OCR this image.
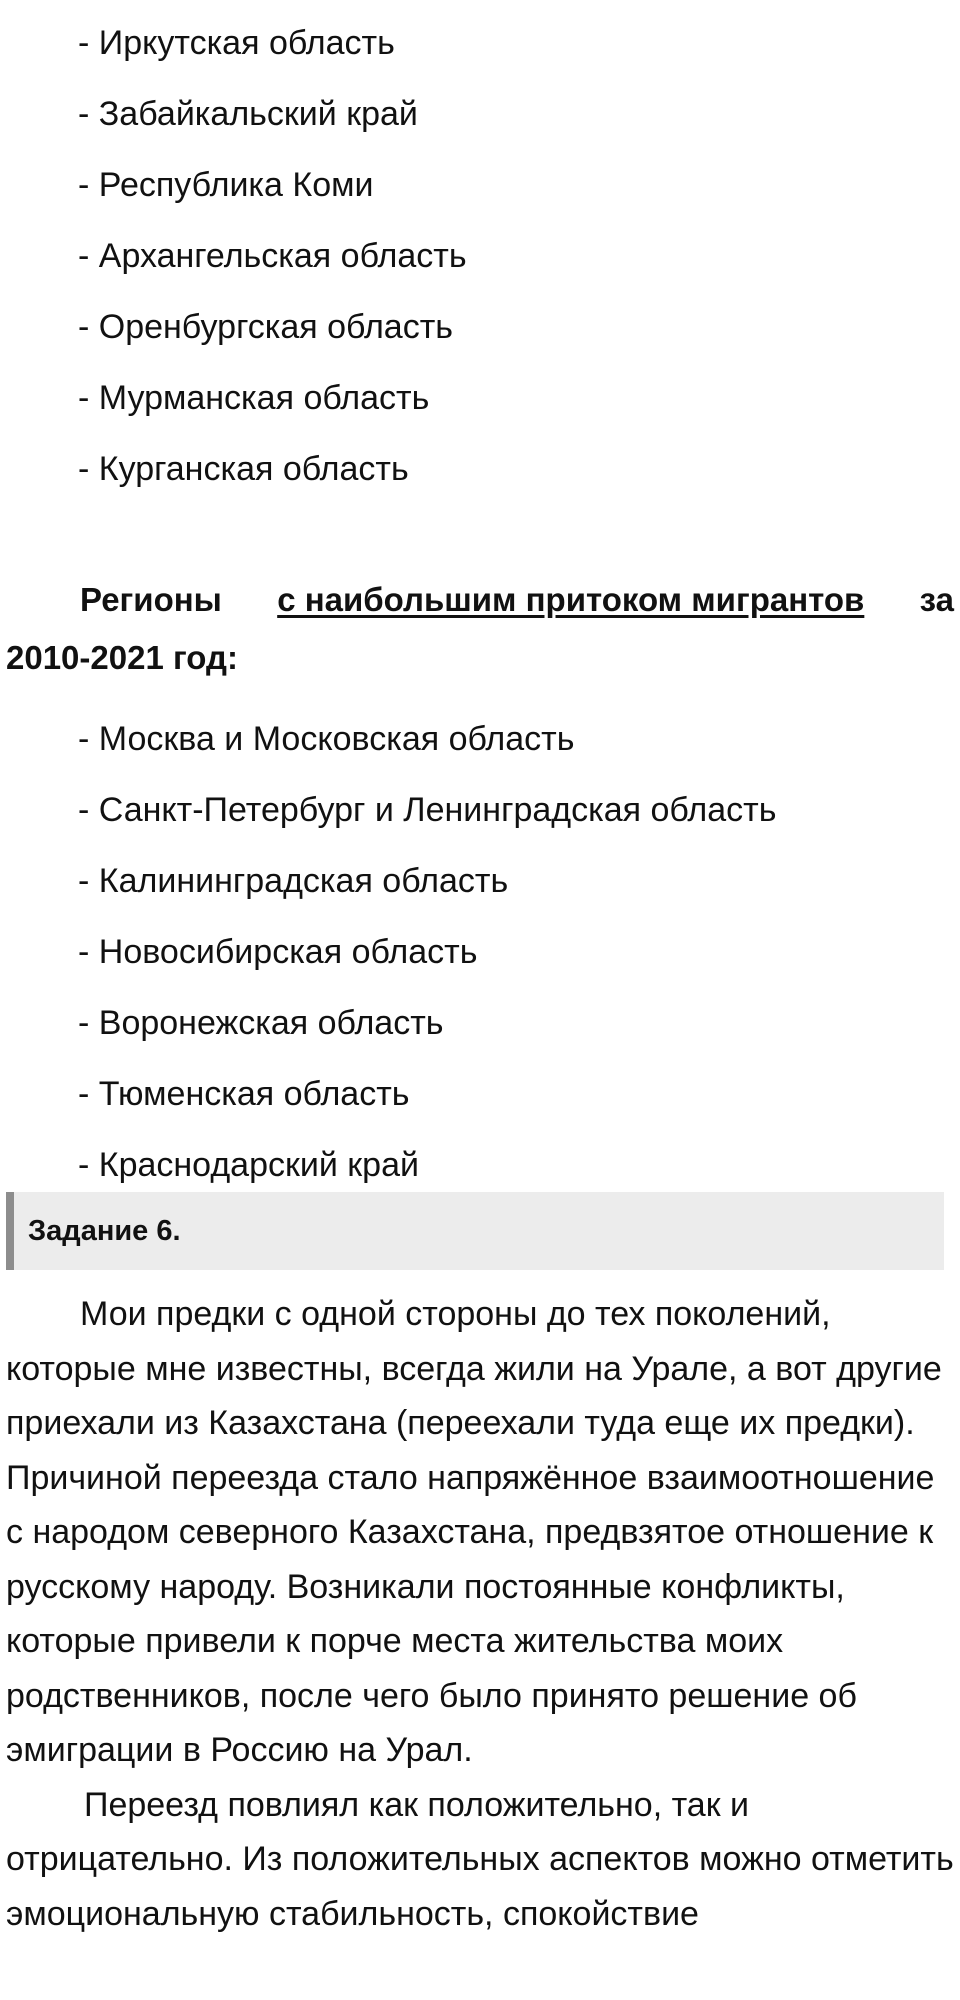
- Иркутская область
- Забайкальский край
- Республика Коми
- Архангельская область
- Оренбургская область
- Мурманская область
- Курганская область
Регионы с наибольшим притоком мигрантов за
2010-2021 год:
- Москва и Московская область
- Санкт-Петербург и Ленинградская область
- Калининградская область
- Новосибирская область
- Воронежская область
- Тюменская область
- Краснодарский край
Задание 6.

Мои предки с одной стороны до тех поколений, которые мне известны, всегда жили на Урале, а вот другие приехали из Казахстана (переехали туда еще их предки). Причиной переезда стало напряжённое взаимоотношение с народом северного Казахстана, предвзятое отношение к русскому народу. Возникали постоянные конфликты, которые привели к порче места жительства моих родственников, после чего было принято решение об эмиграции в Россию на Урал.

Переезд повлиял как положительно, так и отрицательно. Из положительных аспектов можно отметить эмоциональную стабильность, спокойствие
